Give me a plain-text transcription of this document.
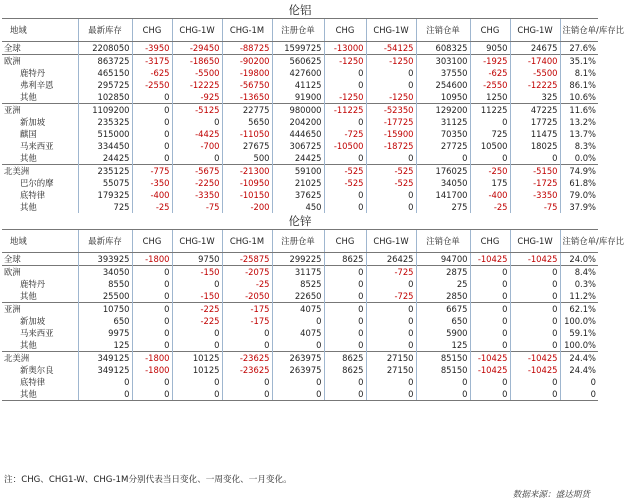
伦铝											
地域	最新库存	CHG	CHG-1W	CHG-1M	注册仓单	CHG	CHG-1W	注销仓单	CHG	CHG-1W	注销仓单/库存比
全球	2208050	-3950	-29450	-88725	1599725	-13000	-54125	608325	9050	24675	27.6%
欧洲	863725	-3175	-18650	-90200	560625	-1250	-1250	303100	-1925	-17400	35.1%
鹿特丹	465150	-625	-5500	-19800	427600	0	0	37550	-625	-5500	8.1%
弗利辛恩	295725	-2550	-12225	-56750	41125	0	0	254600	-2550	-12225	86.1%
其他	102850	0	-925	-13650	91900	-1250	-1250	10950	1250	325	10.6%
亚洲	1109200	0	-5125	22775	980000	-11225	-52350	129200	11225	47225	11.6%
新加坡	235325	0	0	5650	204200	0	-17725	31125	0	17725	13.2%
麒国	515000	0	-4425	-11050	444650	-725	-15900	70350	725	11475	13.7%
马来西亚	334450	0	-700	27675	306725	-10500	-18725	27725	10500	18025	8.3%
其他	24425	0	0	500	24425	0	0	0	0	0	0.0%
北美洲	235125	-775	-5675	-21300	59100	-525	-525	176025	-250	-5150	74.9%
巴尔的摩	55075	-350	-2250	-10950	21025	-525	-525	34050	175	-1725	61.8%
底特律	179325	-400	-3350	-10150	37625	0	0	141700	-400	-3350	79.0%
其他	725	-25	-75	-200	450	0	0	275	-25	-75	37.9%
伦锌											
地域	最新库存	CHG	CHG-1W	CHG-1M	注册仓单	CHG	CHG-1W	注销仓单	CHG	CHG-1W	注销仓单/库存比
全球	393925	-1800	9750	-25875	299225	8625	26425	94700	-10425	-10425	24.0%
欧洲	34050	0	-150	-2075	31175	0	-725	2875	0	0	8.4%
鹿特丹	8550	0	0	-25	8525	0	0	25	0	0	0.3%
其他	25500	0	-150	-2050	22650	0	-725	2850	0	0	11.2%
亚洲	10750	0	-225	-175	4075	0	0	6675	0	0	62.1%
新加坡	650	0	-225	-175	0	0	0	650	0	0	100.0%
马来西亚	9975	0	0	0	4075	0	0	5900	0	0	59.1%
其他	125	0	0	0	0	0	0	125	0	0	100.0%
北美洲	349125	-1800	10125	-23625	263975	8625	27150	85150	-10425	-10425	24.4%
新奥尔良	349125	-1800	10125	-23625	263975	8625	27150	85150	-10425	-10425	24.4%
底特律	0	0	0	0	0	0	0	0	0	0	0
其他	0	0	0	0	0	0	0	0	0	0	0
注：CHG、CHG1-W、CHG-1M分别代表当日变化、一周变化、一月变化。
数据来源：盛达期货
